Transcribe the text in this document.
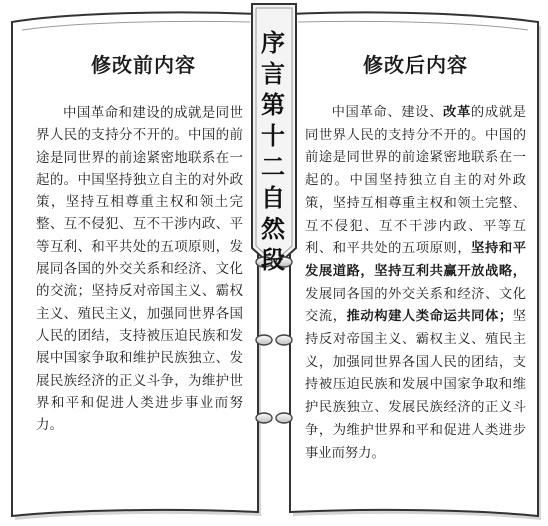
序
言
第
十
二
自
然
段
修改前内容

中国革命和建设的成就是同世界人民的支持分不开的。中国的前途是同世界的前途紧密地联系在一起的。中国坚持独立自主的对外政策，坚持互相尊重主权和领土完整、互不侵犯、互不干涉内政、平等互利、和平共处的五项原则，发展同各国的外交关系和经济、文化的交流；坚持反对帝国主义、霸权主义、殖民主义，加强同世界各国人民的团结，支持被压迫民族和发展中国家争取和维护民族独立、发展民族经济的正义斗争，为维护世界和平和促进人类进步事业而努力。

修改后内容

中国革命、建设、改革的成就是同世界人民的支持分不开的。中国的前途是同世界的前途紧密地联系在一起的。中国坚持独立自主的对外政策，坚持互相尊重主权和领土完整、互不侵犯、互不干涉内政、平等互利、和平共处的五项原则，坚持和平发展道路，坚持互利共赢开放战略，发展同各国的外交关系和经济、文化交流，推动构建人类命运共同体；坚持反对帝国主义、霸权主义、殖民主义，加强同世界各国人民的团结，支持被压迫民族和发展中国家争取和维护民族独立、发展民族经济的正义斗争，为维护世界和平和促进人类进步事业而努力。
